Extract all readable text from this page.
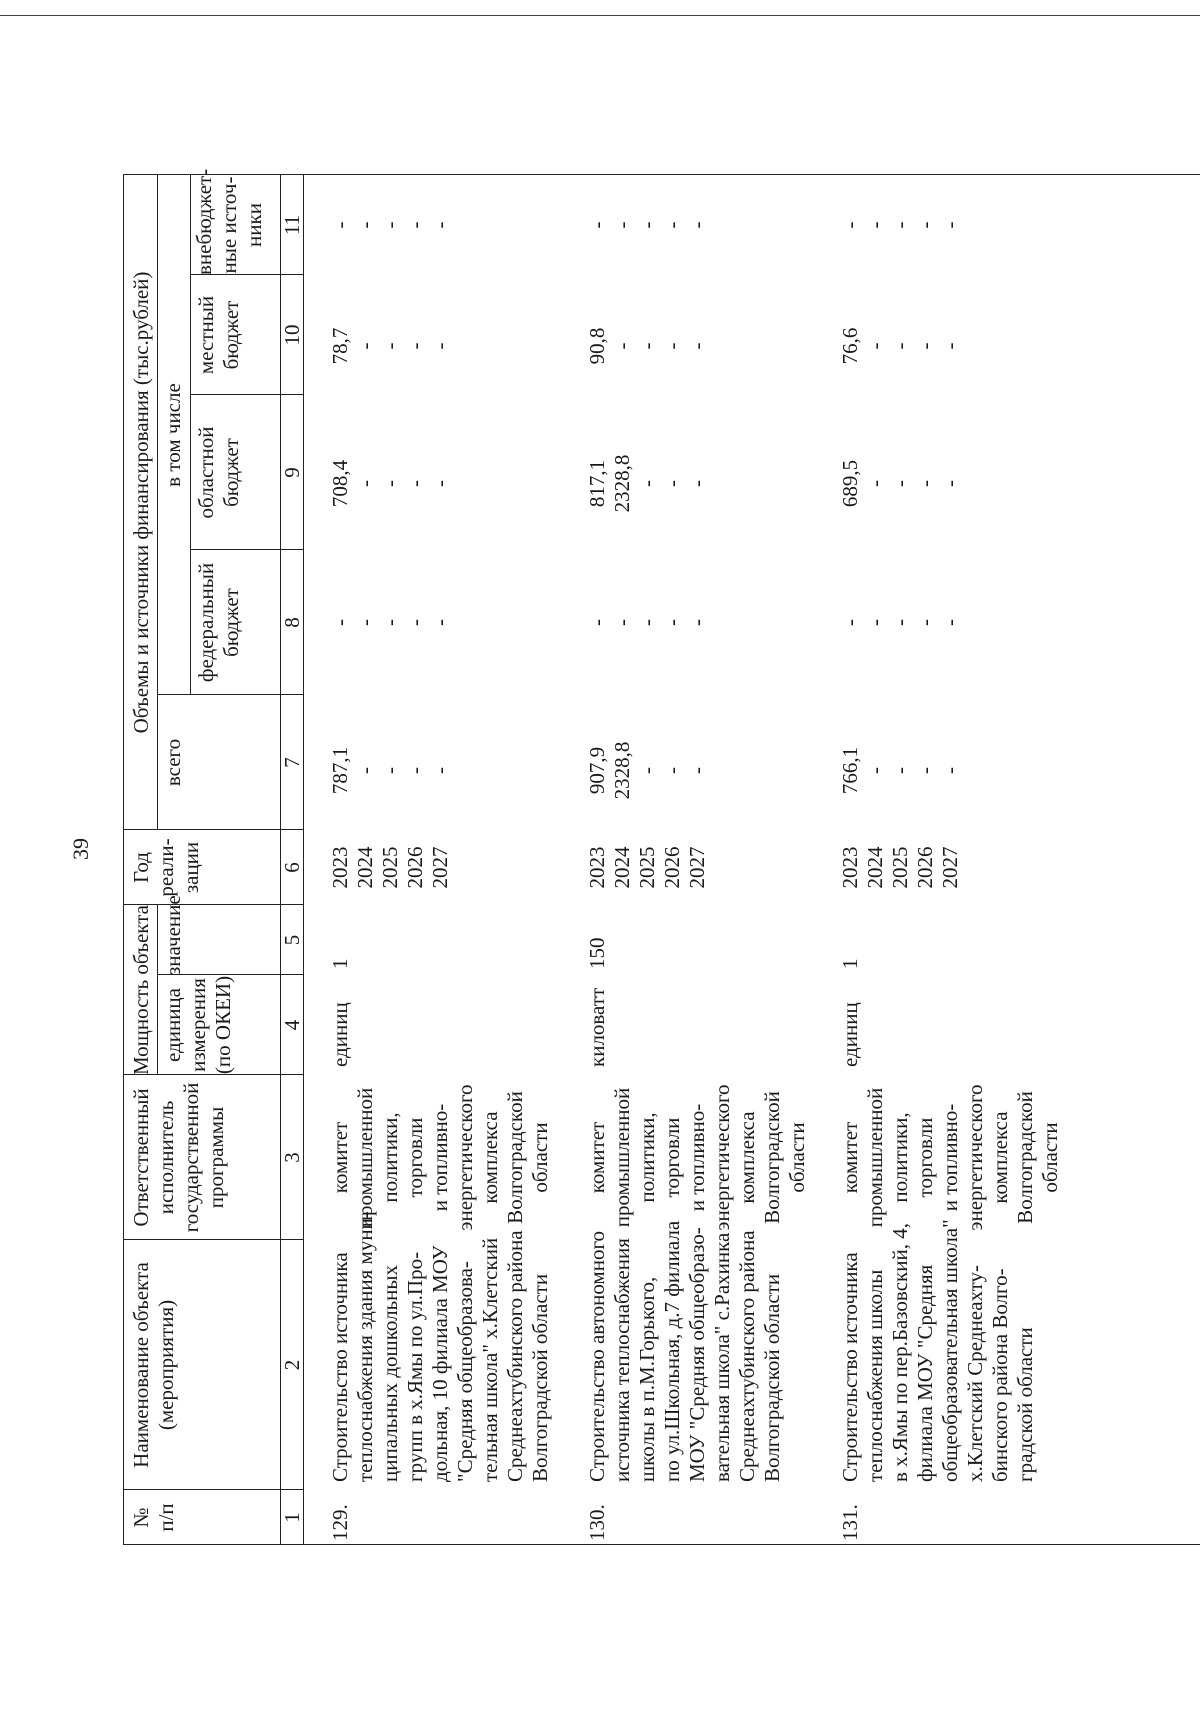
39
№ п/п
Наименование объекта (мероприятия)
Ответственный исполнитель государственной программы
Мощность объекта единица измерения (по ОКЕИ)
значение
Год реали- зации
Объемы и источники финансирования (тыс.рублей)
всего
в том числе
федеральный бюджет
областной бюджет
местный бюджет
внебюджет- ные источ- ники
1
2
3
4
5
6
7
8
9
10
11
129.
Строительство источника теплоснабжения здания муни- ципальных дошкольных групп в х.Ямы по ул.Про- дольная, 10 филиала МОУ "Средняя общеобразова- тельная школа" х.Клетский Среднеахтубинского района Волгоградской области
комитет промышленной политики, торговли и топливно- энергетического комплекса Волгоградской области
единиц
1
2023 2024 2025 2026 2027
787,1 - - - -
- - - - -
708,4 - - - -
78,7 - - - -
- - - - -
130.
Строительство автономного источника теплоснабжения школы в п.М.Горького, по ул.Школьная, д.7 филиала МОУ "Средняя общеобразо- вательная школа" с.Рахинка Среднеахтубинского района Волгоградской области
комитет промышленной политики, торговли и топливно- энергетического комплекса Волгоградской области
киловатт
150
2023 2024 2025 2026 2027
907,9 2328,8 - - -
- - - - -
817,1 2328,8 - - -
90,8 - - - -
- - - - -
131.
Строительство источника теплоснабжения школы в х.Ямы по пер.Базовский, 4, филиала МОУ "Средняя общеобразовательная школа" х.Клетский Среднеахту- бинского района Волго- градской области
комитет промышленной политики, торговли и топливно- энергетического комплекса Волгоградской области
единиц
1
2023 2024 2025 2026 2027
766,1 - - - -
- - - - -
689,5 - - - -
76,6 - - - -
- - - - -
